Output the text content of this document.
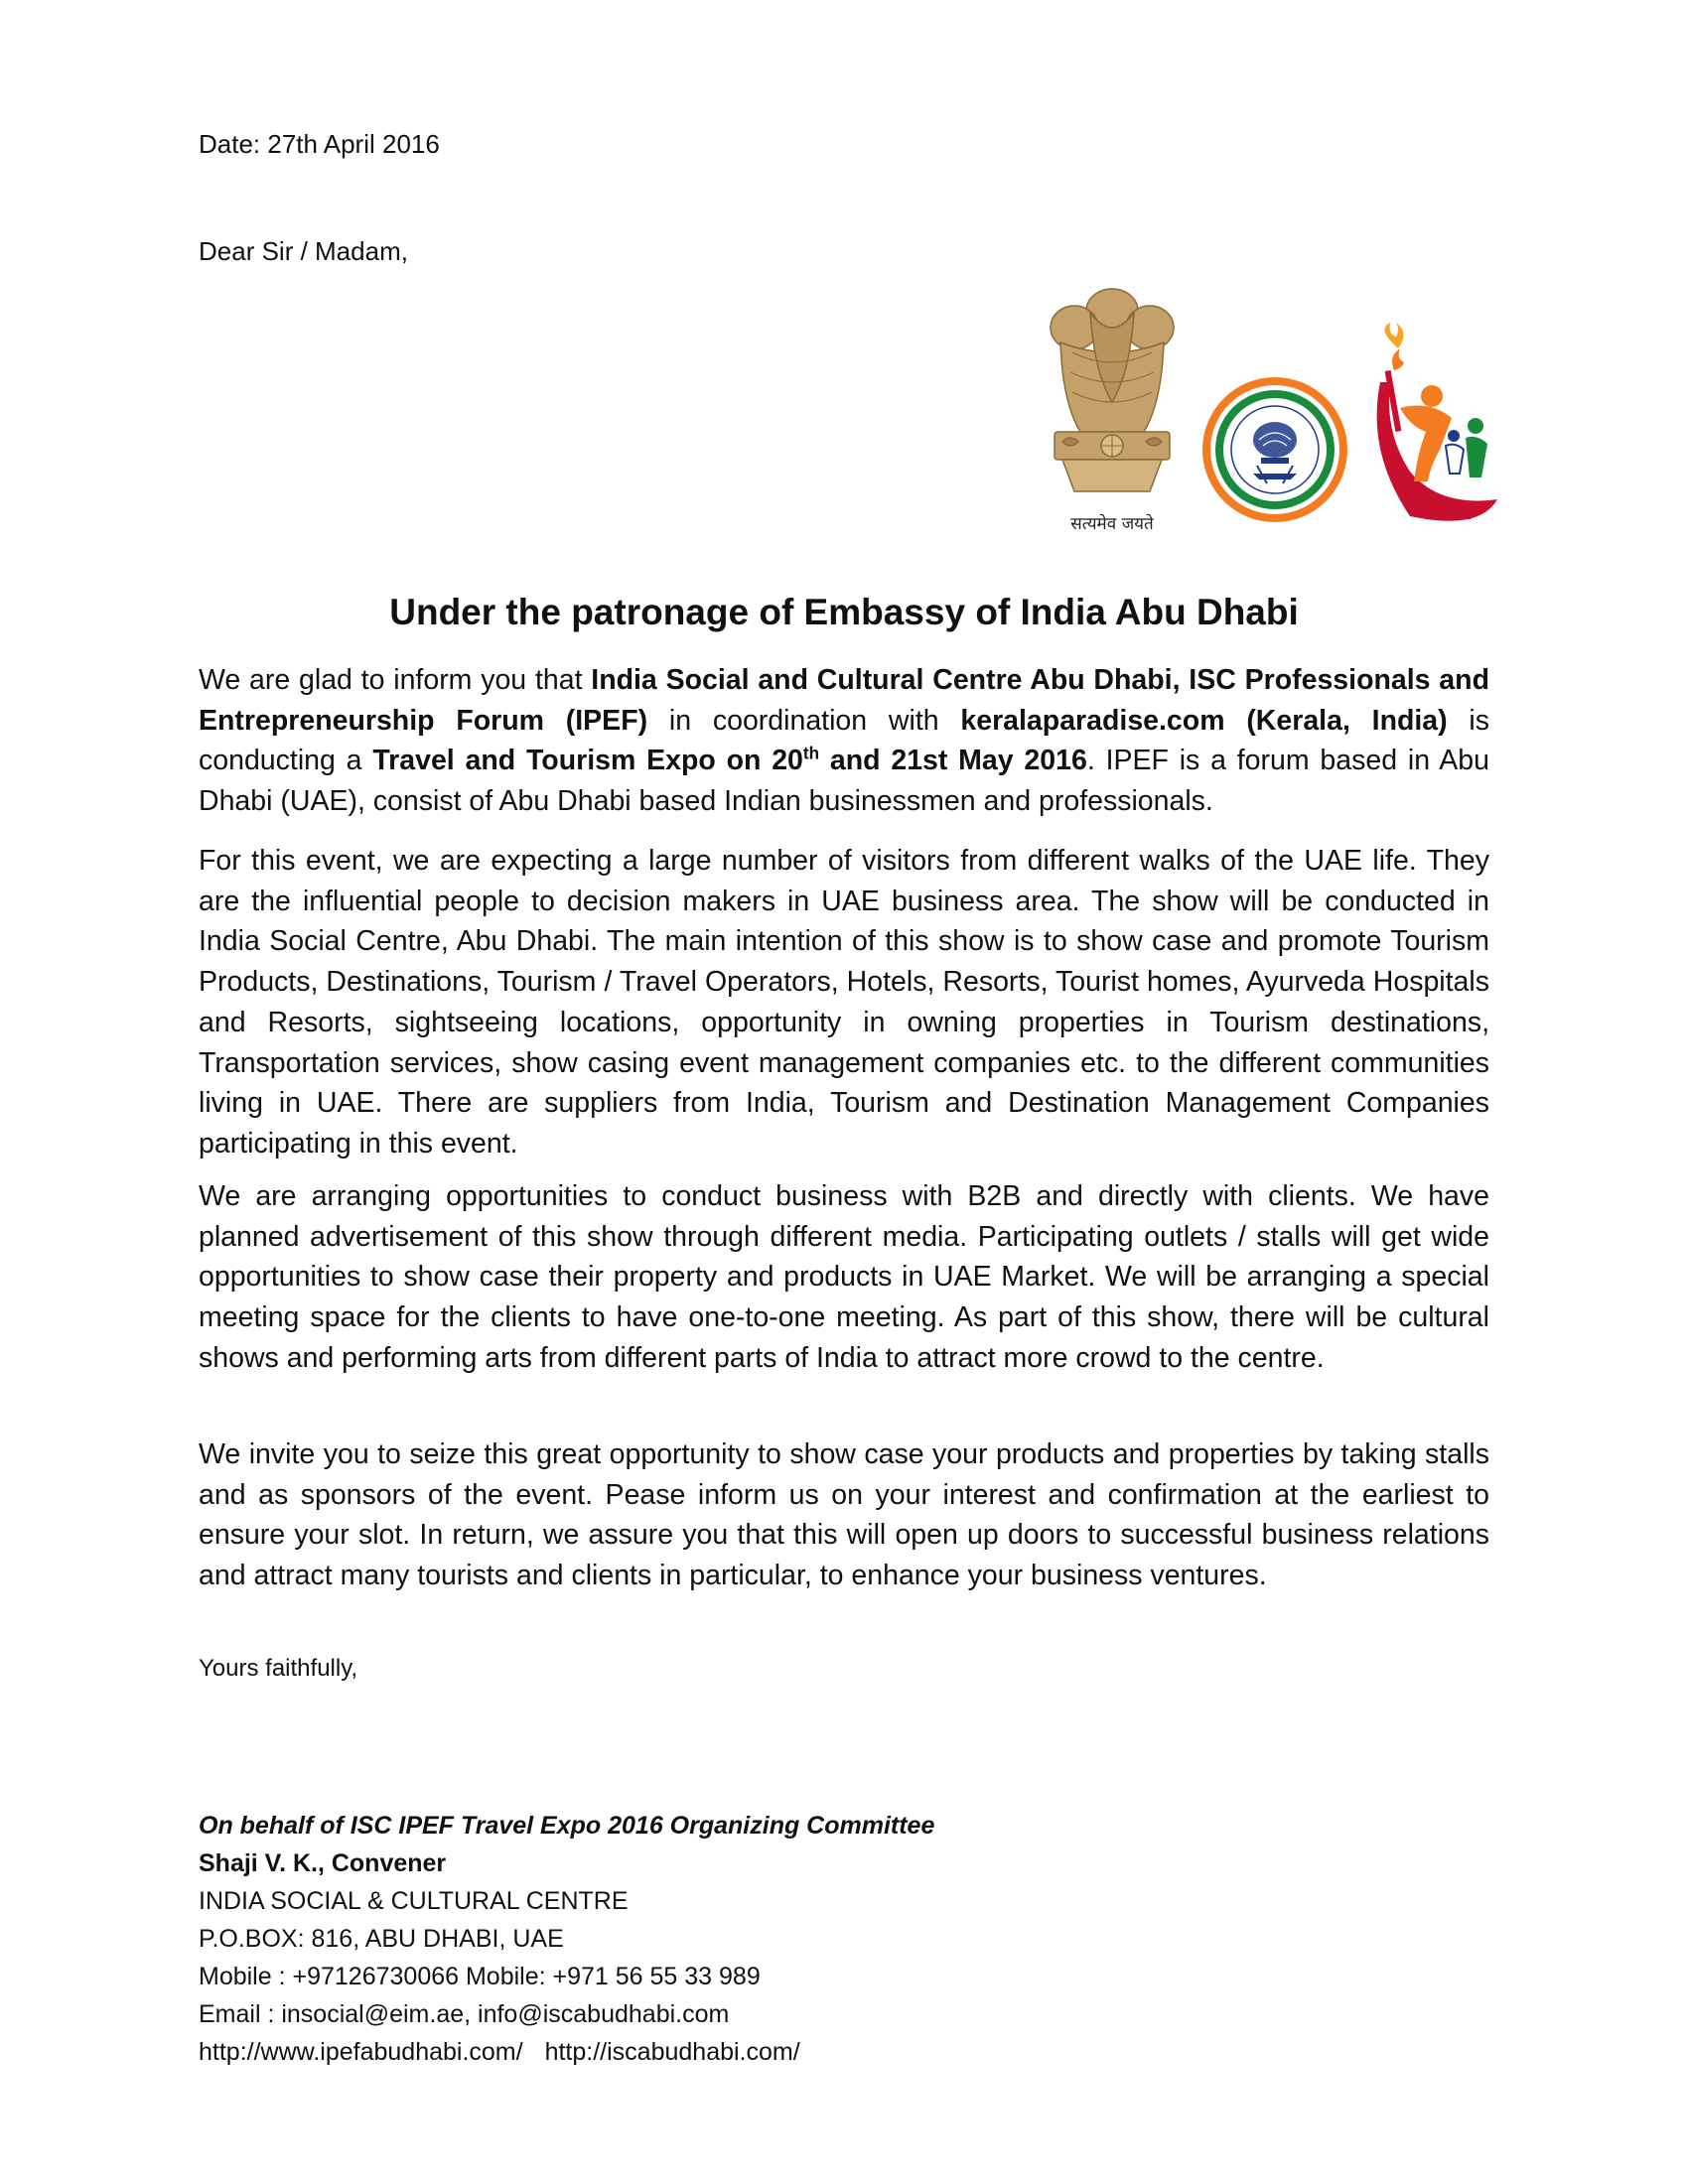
Date: 27th April 2016
Dear Sir / Madam,
सत्यमेव जयते	IPEF
Under the patronage of Embassy of India Abu Dhabi

We are glad to inform you that India Social and Cultural Centre Abu Dhabi, ISC Professionals and Entrepreneurship Forum (IPEF) in coordination with keralaparadise.com (Kerala, India) is conducting a Travel and Tourism Expo on 20th and 21st May 2016. IPEF is a forum based in Abu Dhabi (UAE), consist of Abu Dhabi based Indian businessmen and professionals.

For this event, we are expecting a large number of visitors from different walks of the UAE life. They are the influential people to decision makers in UAE business area. The show will be conducted in India Social Centre, Abu Dhabi. The main intention of this show is to show case and promote Tourism Products, Destinations, Tourism / Travel Operators, Hotels, Resorts, Tourist homes, Ayurveda Hospitals and Resorts, sightseeing locations, opportunity in owning properties in Tourism destinations, Transportation services, show casing event management companies etc. to the different communities living in UAE. There are suppliers from India, Tourism and Destination Management Companies participating in this event.

We are arranging opportunities to conduct business with B2B and directly with clients. We have planned advertisement of this show through different media. Participating outlets / stalls will get wide opportunities to show case their property and products in UAE Market. We will be arranging a special meeting space for the clients to have one-to-one meeting. As part of this show, there will be cultural shows and performing arts from different parts of India to attract more crowd to the centre.

We invite you to seize this great opportunity to show case your products and properties by taking stalls and as sponsors of the event. Pease inform us on your interest and confirmation at the earliest to ensure your slot. In return, we assure you that this will open up doors to successful business relations and attract many tourists and clients in particular, to enhance your business ventures.

Yours faithfully,
On behalf of ISC IPEF Travel Expo 2016 Organizing Committee
Shaji V. K., Convener
INDIA SOCIAL & CULTURAL CENTRE
P.O.BOX: 816, ABU DHABI, UAE
Mobile : +97126730066 Mobile: +971 56 55 33 989
Email : insocial@eim.ae, info@iscabudhabi.com
http://www.ipefabudhabi.com/ http://iscabudhabi.com/
